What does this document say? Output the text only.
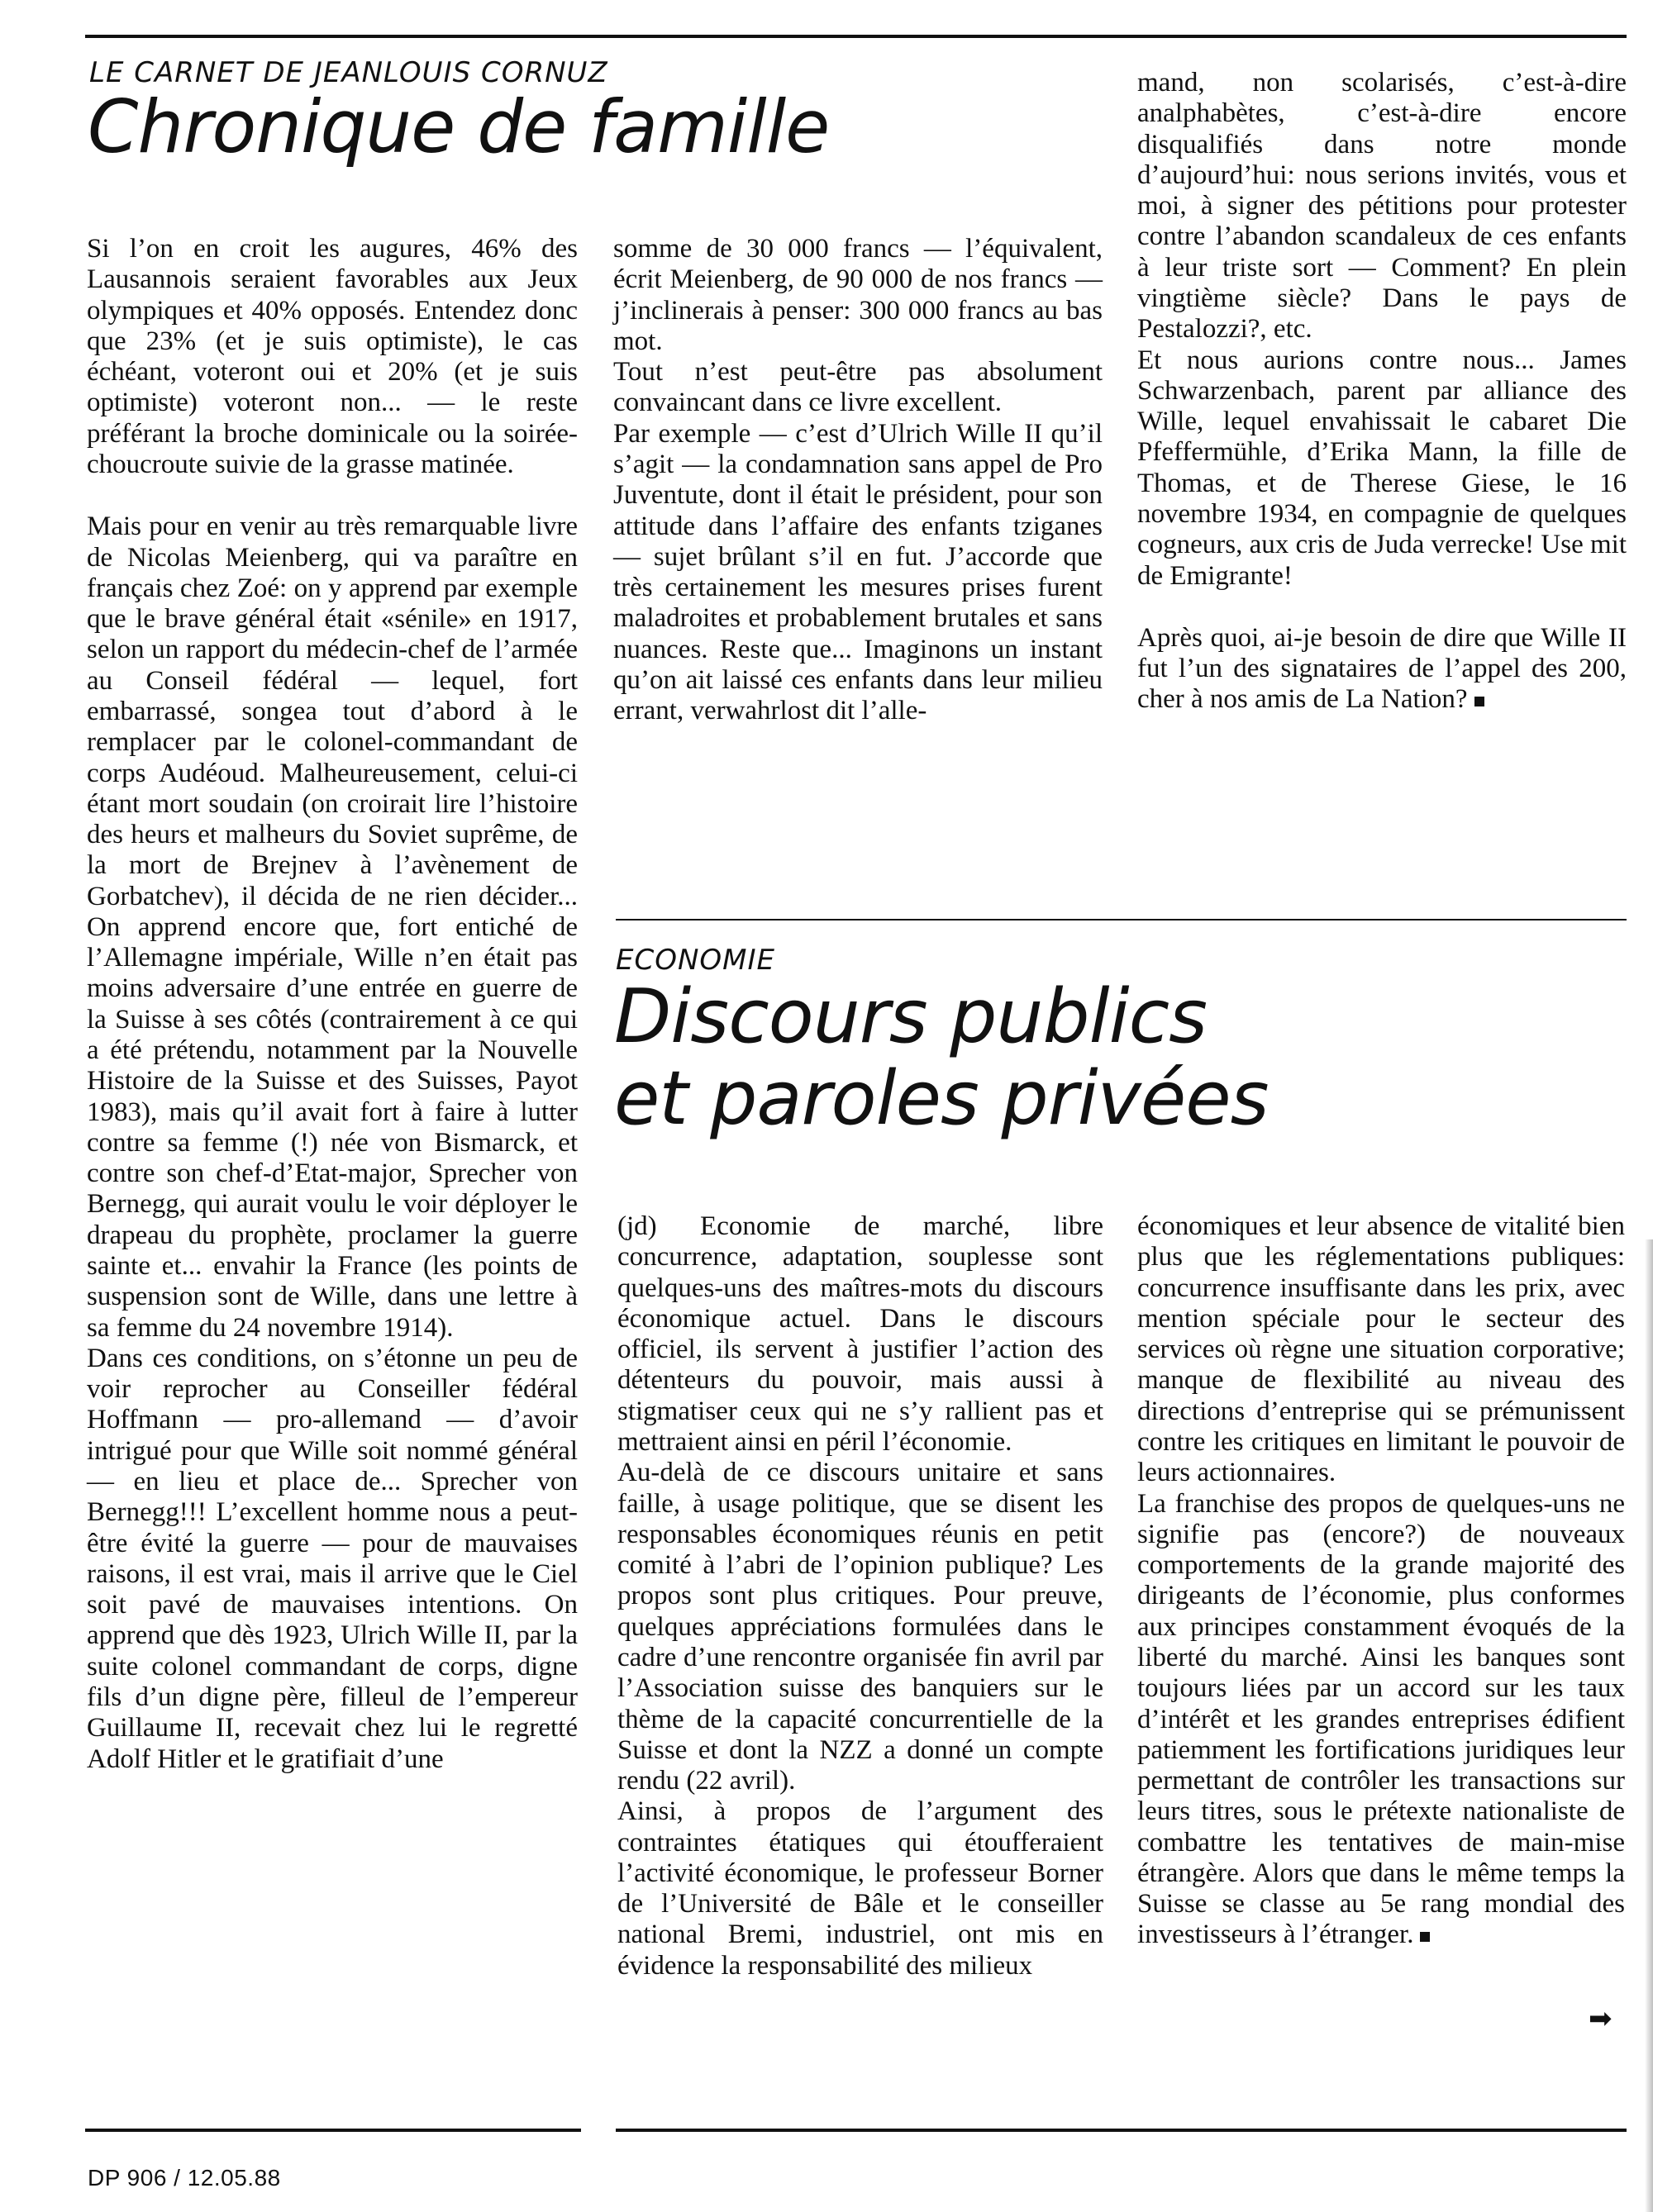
LE CARNET DE JEANLOUIS CORNUZ
Chronique de famille

Si l’on en croit les augures, 46% des Lausannois seraient favorables aux Jeux olympiques et 40% opposés. Entendez donc que 23% (et je suis optimiste), le cas échéant, voteront oui et 20% (et je suis optimiste) voteront non... — le reste préférant la broche dominicale ou la soirée-choucroute suivie de la grasse matinée.

Mais pour en venir au très remarquable livre de Nicolas Meienberg, qui va paraître en français chez Zoé: on y apprend par exemple que le brave général était «sénile» en 1917, selon un rapport du médecin-chef de l’armée au Conseil fédéral — lequel, fort embarrassé, songea tout d’abord à le remplacer par le colonel-commandant de corps Audéoud. Malheureusement, celui-ci étant mort soudain (on croirait lire l’histoire des heurs et malheurs du Soviet suprême, de la mort de Brejnev à l’avènement de Gorbatchev), il décida de ne rien décider... On apprend encore que, fort entiché de l’Allemagne impériale, Wille n’en était pas moins adversaire d’une entrée en guerre de la Suisse à ses côtés (contrairement à ce qui a été prétendu, notamment par la Nouvelle Histoire de la Suisse et des Suisses, Payot 1983), mais qu’il avait fort à faire à lutter contre sa femme (!) née von Bismarck, et contre son chef-d’Etat-major, Sprecher von Bernegg, qui aurait voulu le voir déployer le drapeau du prophète, proclamer la guerre sainte et... envahir la France (les points de suspension sont de Wille, dans une lettre à sa femme du 24 novembre 1914).

Dans ces conditions, on s’étonne un peu de voir reprocher au Conseiller fédéral Hoffmann — pro-allemand — d’avoir intrigué pour que Wille soit nommé général — en lieu et place de... Sprecher von Bernegg!!! L’excellent homme nous a peut-être évité la guerre — pour de mauvaises raisons, il est vrai, mais il arrive que le Ciel soit pavé de mauvaises intentions. On apprend que dès 1923, Ulrich Wille II, par la suite colonel commandant de corps, digne fils d’un digne père, filleul de l’empereur Guillaume II, recevait chez lui le regretté Adolf Hitler et le gratifiait d’une

somme de 30 000 francs — l’équivalent, écrit Meienberg, de 90 000 de nos francs — j’inclinerais à penser: 300 000 francs au bas mot.

Tout n’est peut-être pas absolument convaincant dans ce livre excellent.

Par exemple — c’est d’Ulrich Wille II qu’il s’agit — la condamnation sans appel de Pro Juventute, dont il était le président, pour son attitude dans l’affaire des enfants tziganes — sujet brûlant s’il en fut. J’accorde que très certainement les mesures prises furent maladroites et probablement brutales et sans nuances. Reste que... Imaginons un instant qu’on ait laissé ces enfants dans leur milieu errant, verwahrlost dit l’alle-

mand, non scolarisés, c’est-à-dire analphabètes, c’est-à-dire encore disqualifiés dans notre monde d’aujourd’hui: nous serions invités, vous et moi, à signer des pétitions pour protester contre l’abandon scandaleux de ces enfants à leur triste sort — Comment? En plein vingtième siècle? Dans le pays de Pestalozzi?, etc.

Et nous aurions contre nous... James Schwarzenbach, parent par alliance des Wille, lequel envahissait le cabaret Die Pfeffermühle, d’Erika Mann, la fille de Thomas, et de Therese Giese, le 16 novembre 1934, en compagnie de quelques cogneurs, aux cris de Juda verrecke! Use mit de Emigrante!

Après quoi, ai-je besoin de dire que Wille II fut l’un des signataires de l’appel des 200, cher à nos amis de La Nation?

ECONOMIE
Discours publics
et paroles privées

(jd) Economie de marché, libre concurrence, adaptation, souplesse sont quelques-uns des maîtres-mots du discours économique actuel. Dans le discours officiel, ils servent à justifier l’action des détenteurs du pouvoir, mais aussi à stigmatiser ceux qui ne s’y rallient pas et mettraient ainsi en péril l’économie.

Au-delà de ce discours unitaire et sans faille, à usage politique, que se disent les responsables économiques réunis en petit comité à l’abri de l’opinion publique? Les propos sont plus critiques. Pour preuve, quelques appréciations formulées dans le cadre d’une rencontre organisée fin avril par l’Association suisse des banquiers sur le thème de la capacité concurrentielle de la Suisse et dont la NZZ a donné un compte rendu (22 avril).

Ainsi, à propos de l’argument des contraintes étatiques qui étoufferaient l’activité économique, le professeur Borner de l’Université de Bâle et le conseiller national Bremi, industriel, ont mis en évidence la responsabilité des milieux

économiques et leur absence de vitalité bien plus que les réglementations publiques: concurrence insuffisante dans les prix, avec mention spéciale pour le secteur des services où règne une situation corporative; manque de flexibilité au niveau des directions d’entreprise qui se prémunissent contre les critiques en limitant le pouvoir de leurs actionnaires.

La franchise des propos de quelques-uns ne signifie pas (encore?) de nouveaux comportements de la grande majorité des dirigeants de l’économie, plus conformes aux principes constamment évoqués de la liberté du marché. Ainsi les banques sont toujours liées par un accord sur les taux d’intérêt et les grandes entreprises édifient patiemment les fortifications juridiques leur permettant de contrôler les transactions sur leurs titres, sous le prétexte nationaliste de combattre les tentatives de main-mise étrangère. Alors que dans le même temps la Suisse se classe au 5e rang mondial des investisseurs à l’étranger.

➡
DP 906 / 12.05.88
